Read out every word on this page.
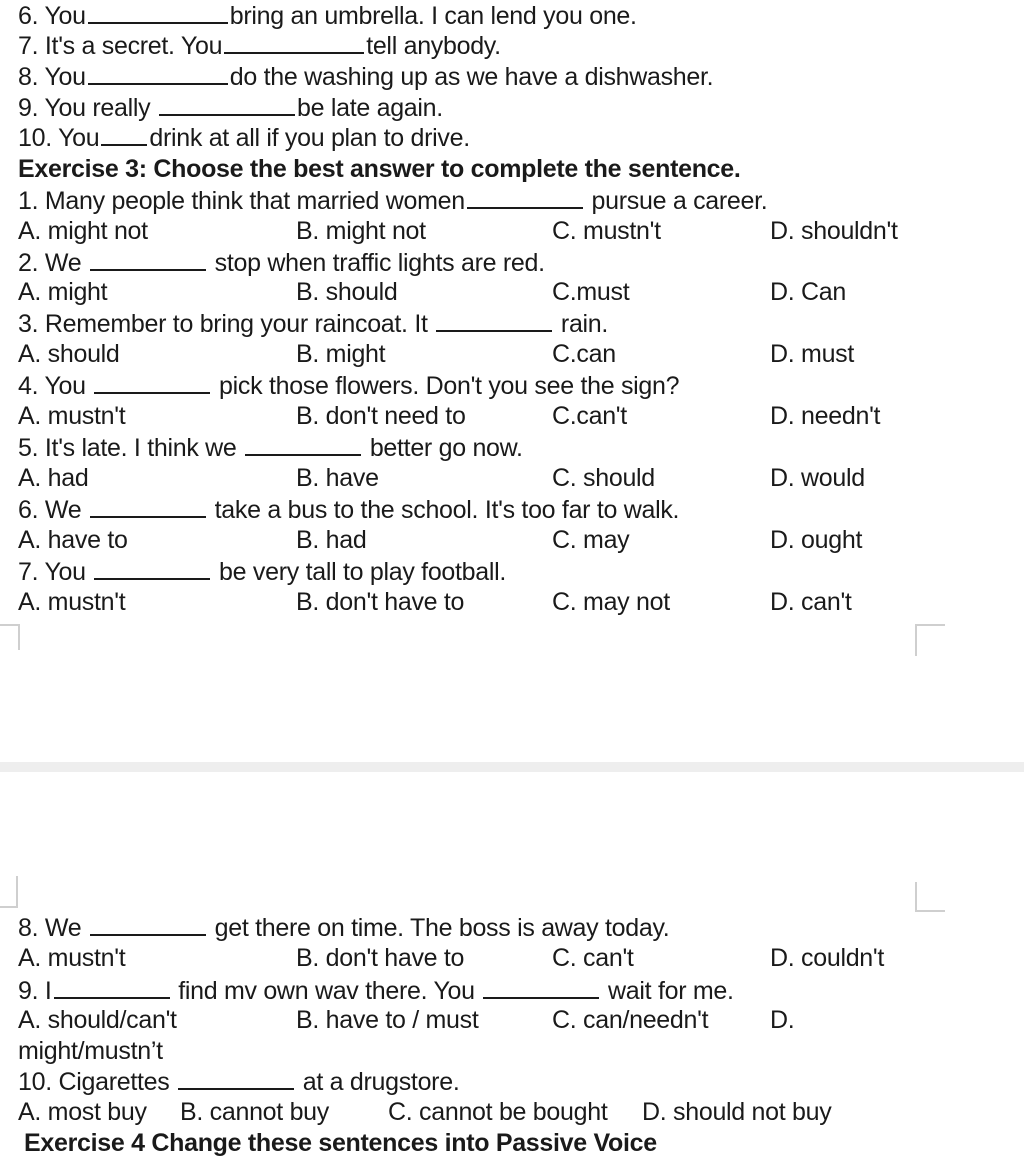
6. You	bring an umbrella. I can lend you one.
7. It's a secret. You	tell anybody.
8. You	do the washing up as we have a dishwasher.
9. You really	be late again.
10. You drink at all if you plan to drive.
Exercise 3: Choose the best answer to complete the sentence.
1. Many people think that married women	pursue a career.
A. might not	B. might not	C. mustn't	D. shouldn't
2. We	stop when traffic lights are red.
A. might	B. should	C.must	D. Can
3. Remember to bring your raincoat. It	rain.
A. should	B. might	C.can	D. must
4. You	pick those flowers. Don't you see the sign?
A. mustn't	B. don't need to	C.can't	D. needn't
5. It's late. I think we	better go now.
A. had	B. have	C. should	D. would
6. We	take a bus to the school. It's too far to walk.
A. have to	B. had	C. may	D. ought
7. You	be very tall to play football.
A. mustn't	B. don't have to	C. may not	D. can't
8. We	get there on time. The boss is away today.
A. mustn't	B. don't have to	C. can't	D. couldn't
9. I	find mv own wav there. You	wait for me.
A. should/can't	B. have to / must	C. can/needn't D.
might/mustn’t
10. Cigarettes	at a drugstore.
A. most buy B. cannot buy C. cannot be bought D. should not buy
Exercise 4 Change these sentences into Passive Voice
